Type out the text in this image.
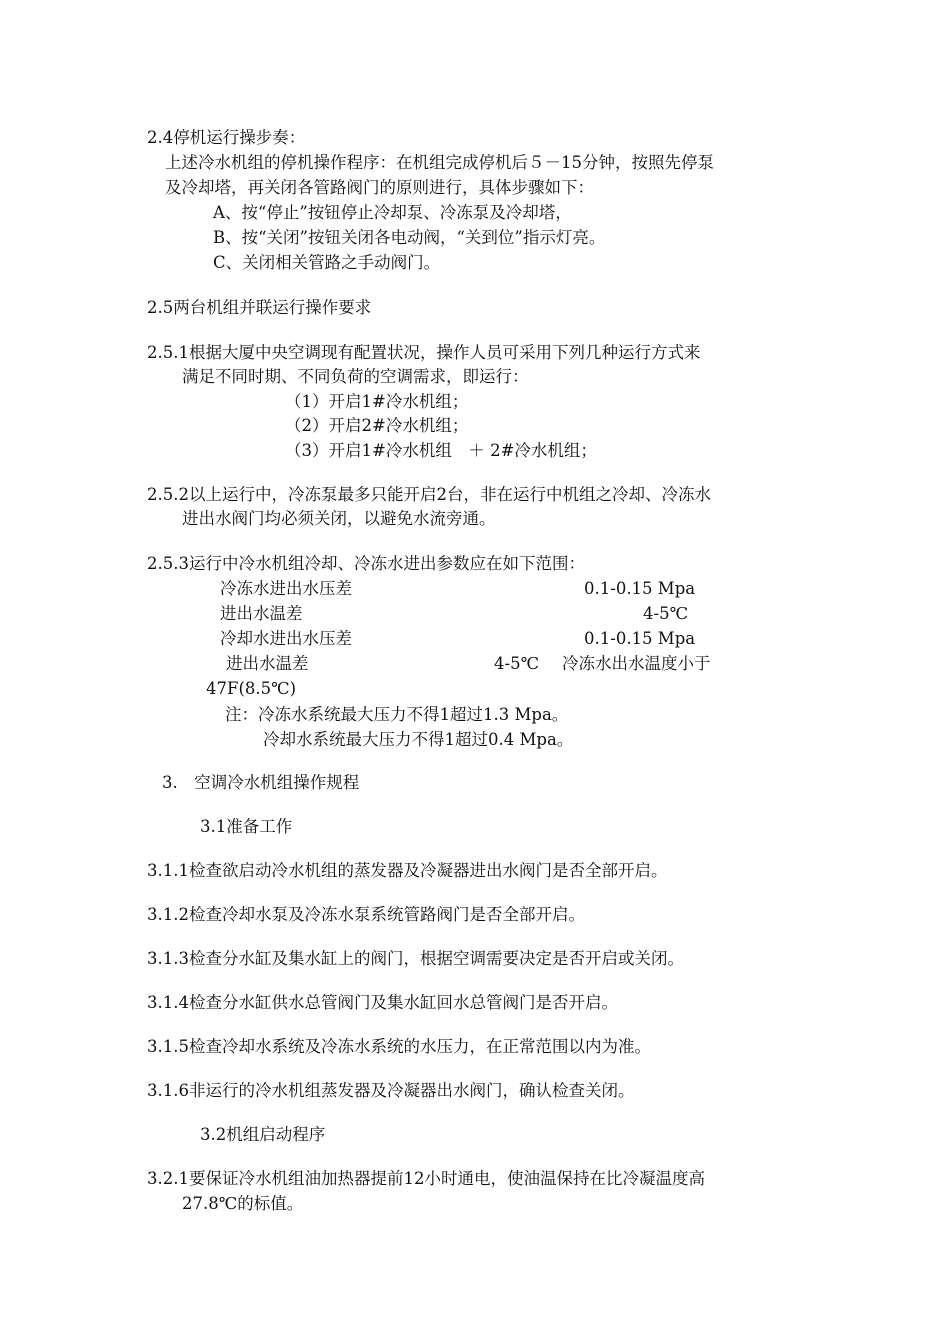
2.4停机运行操步奏：
上述冷水机组的停机操作程序：在机组完成停机后５－15分钟，按照先停泵
及冷却塔，再关闭各管路阀门的原则进行，具体步骤如下：
A、按“停止”按钮停止冷却泵、冷冻泵及冷却塔，
B、按“关闭”按钮关闭各电动阀，“关到位”指示灯亮。
C、关闭相关管路之手动阀门。
2.5两台机组并联运行操作要求
2.5.1根据大厦中央空调现有配置状况，操作人员可采用下列几种运行方式来
满足不同时期、不同负荷的空调需求，即运行：
（1）开启1#冷水机组；
（2）开启2#冷水机组；
（3）开启1#冷水机组　＋ 2#冷水机组；
2.5.2以上运行中，冷冻泵最多只能开启2台，非在运行中机组之冷却、冷冻水
进出水阀门均必须关闭，以避免水流旁通。
2.5.3运行中冷水机组冷却、冷冻水进出参数应在如下范围：
冷冻水进出水压差	0.1-0.15 Mpa
进出水温差	4-5℃
冷却水进出水压差	0.1-0.15 Mpa
进出水温差	4-5℃ 冷冻水出水温度小于
47F(8.5℃)
注：冷冻水系统最大压力不得1超过1.3 Mpa。
冷却水系统最大压力不得1超过0.4 Mpa。
3.　空调冷水机组操作规程
3.1准备工作
3.1.1检查欲启动冷水机组的蒸发器及冷凝器进出水阀门是否全部开启。
3.1.2检查冷却水泵及冷冻水泵系统管路阀门是否全部开启。
3.1.3检查分水缸及集水缸上的阀门，根据空调需要决定是否开启或关闭。
3.1.4检查分水缸供水总管阀门及集水缸回水总管阀门是否开启。
3.1.5检查冷却水系统及冷冻水系统的水压力，在正常范围以内为准。
3.1.6非运行的冷水机组蒸发器及冷凝器出水阀门，确认检查关闭。
3.2机组启动程序
3.2.1要保证冷水机组油加热器提前12小时通电，使油温保持在比冷凝温度高
27.8℃的标值。
